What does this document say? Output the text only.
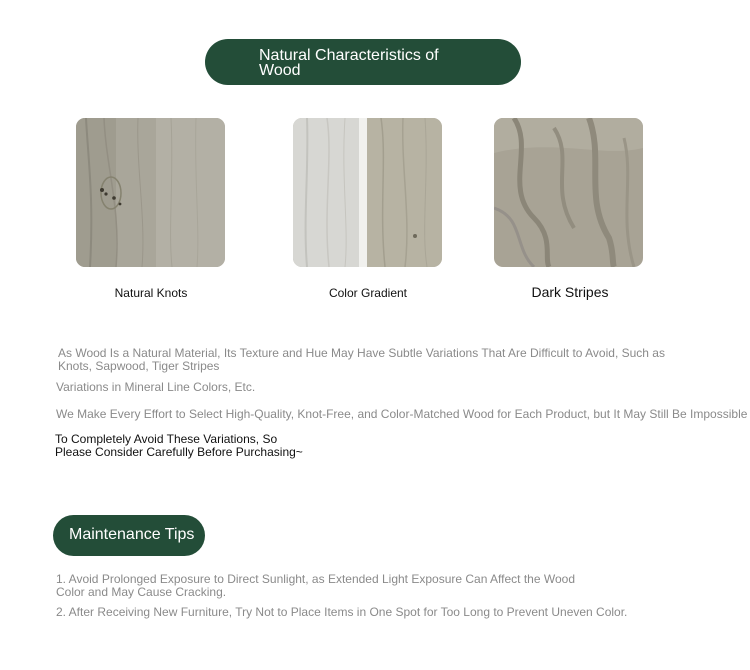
Natural Characteristics of Wood
Natural Knots	Color Gradient	Dark Stripes
As Wood Is a Natural Material, Its Texture and Hue May Have Subtle Variations That Are Difficult to Avoid, Such as
Knots, Sapwood, Tiger Stripes
Variations in Mineral Line Colors, Etc.
We Make Every Effort to Select High-Quality, Knot-Free, and Color-Matched Wood for Each Product, but It May Still Be Impossible
To Completely Avoid These Variations, So
Please Consider Carefully Before Purchasing~
Maintenance Tips
1. Avoid Prolonged Exposure to Direct Sunlight, as Extended Light Exposure Can Affect the Wood
Color and May Cause Cracking.
2. After Receiving New Furniture, Try Not to Place Items in One Spot for Too Long to Prevent Uneven Color.
